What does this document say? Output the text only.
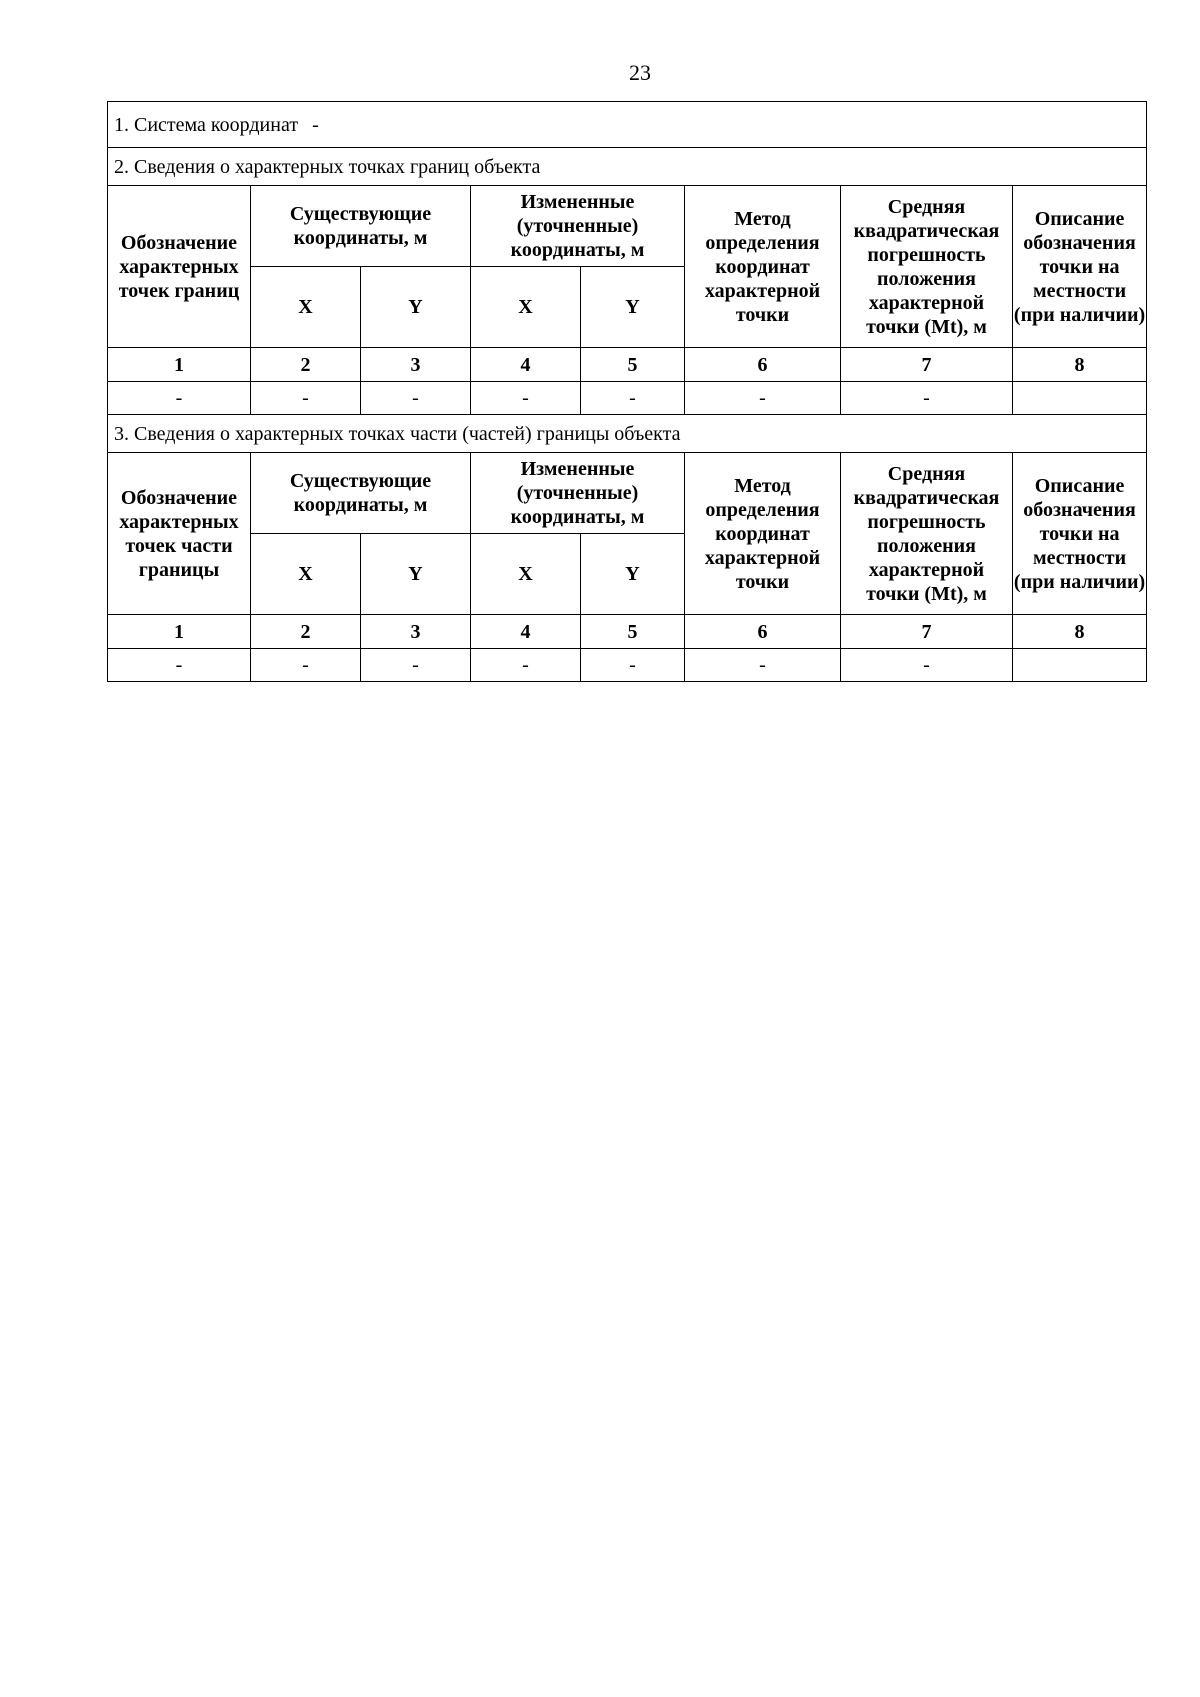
23
1. Система координат -							
2. Сведения о характерных точках границ объекта							
Обозначение характерных точек границ	Существующие координаты, м		Измененные (уточненные) координаты, м		Метод определения координат характерной точки	Средняя квадратическая погрешность положения характерной точки (Mt), м	Описание обозначения точки на местности (при наличии)
	X	Y	X	Y			
1	2	3	4	5	6	7	8
-	-	-	-	-	-	-	
3. Сведения о характерных точках части (частей) границы объекта							
Обозначение характерных точек части границы	Существующие координаты, м		Измененные (уточненные) координаты, м		Метод определения координат характерной точки	Средняя квадратическая погрешность положения характерной точки (Mt), м	Описание обозначения точки на местности (при наличии)
	X	Y	X	Y			
1	2	3	4	5	6	7	8
-	-	-	-	-	-	-	
